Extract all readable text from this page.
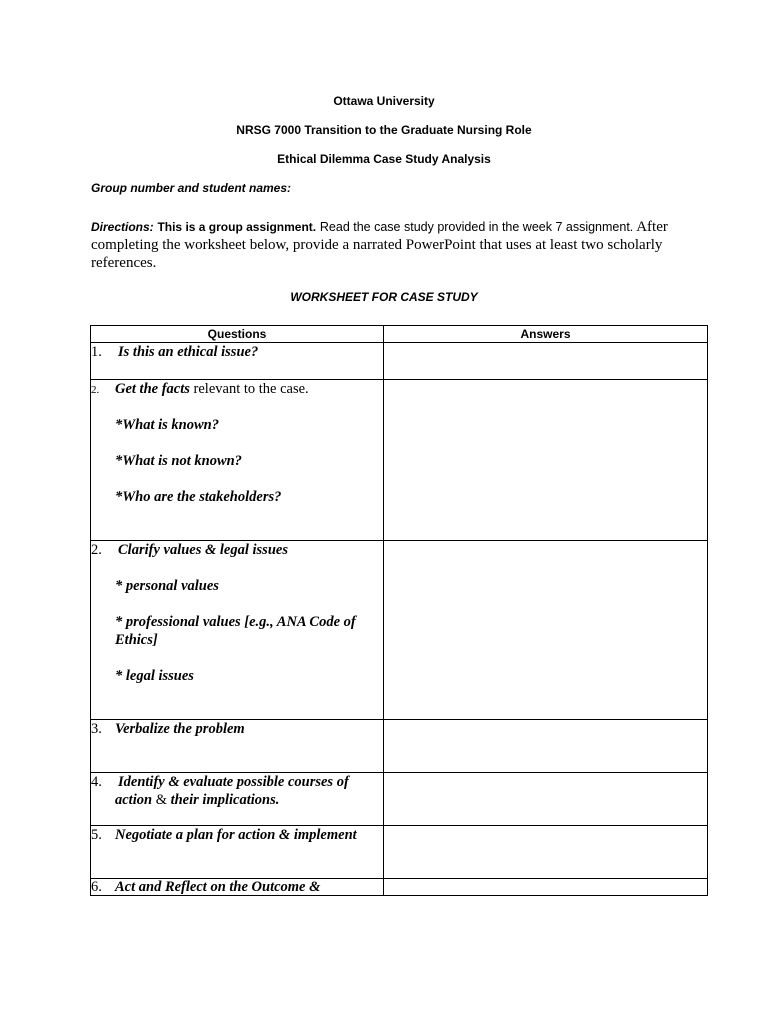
Ottawa University
NRSG 7000 Transition to the Graduate Nursing Role
Ethical Dilemma Case Study Analysis
Group number and student names:
Directions: This is a group assignment. Read the case study provided in the week 7 assignment. After completing the worksheet below, provide a narrated PowerPoint that uses at least two scholarly references.
WORKSHEET FOR CASE STUDY
Questions	Answers

1. Is this an ethical issue?	

2. Get the facts relevant to the case.
*What is known?
*What is not known?
*Who are the stakeholders?	

2. Clarify values & legal issues
* personal values
* professional values [e.g., ANA Code of Ethics]
* legal issues	

3. Verbalize the problem	

4. Identify & evaluate possible courses of
action & their implications.	

5. Negotiate a plan for action & implement	

6. Act and Reflect on the Outcome &	
